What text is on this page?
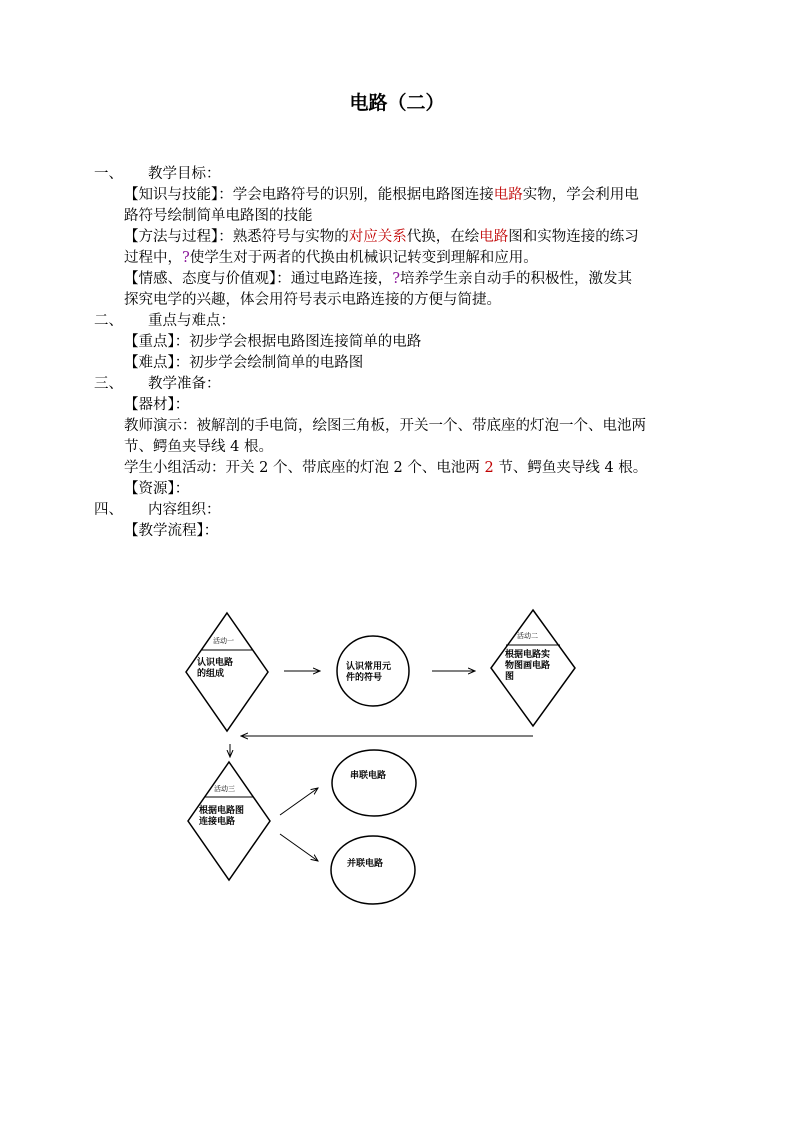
电路（二）
一、 教学目标：
【知识与技能】：学会电路符号的识别，能根据电路图连接电路实物，学会利用电
路符号绘制简单电路图的技能
【方法与过程】：熟悉符号与实物的对应关系代换，在绘电路图和实物连接的练习
过程中，?使学生对于两者的代换由机械识记转变到理解和应用。
【情感、态度与价值观】：通过电路连接，?培养学生亲自动手的积极性，激发其
探究电学的兴趣，体会用符号表示电路连接的方便与简捷。
二、 重点与难点：
【重点】：初步学会根据电路图连接简单的电路
【难点】：初步学会绘制简单的电路图
三、 教学准备：
【器材】：
教师演示：被解剖的手电筒，绘图三角板，开关一个、带底座的灯泡一个、电池两
节、鳄鱼夹导线 4 根。
学生小组活动：开关 2 个、带底座的灯泡 2 个、电池两 2 节、鳄鱼夹导线 4 根。
【资源】：
四、 内容组织：
【教学流程】：
活动一
认识电路
的组成
认识常用元
件的符号
活动二
根据电路实
物图画电路
图
活动三
根据电路图
连接电路
串联电路
并联电路
